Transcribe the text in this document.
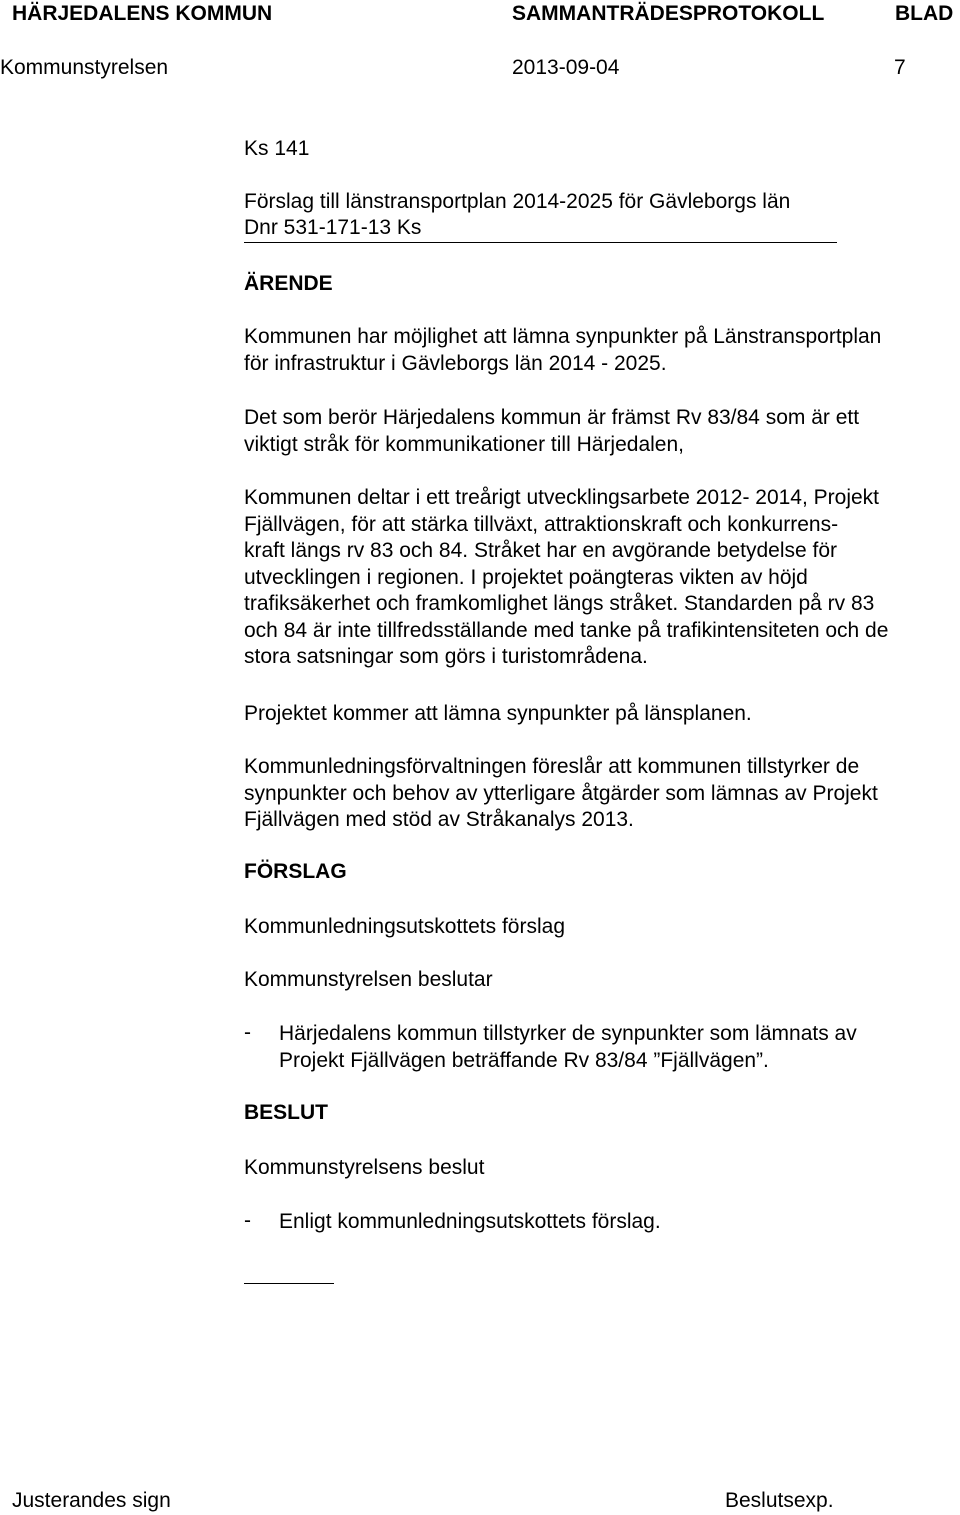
HÄRJEDALENS KOMMUN	SAMMANTRÄDESPROTOKOLL	BLAD
Kommunstyrelsen	2013-09-04	7
Ks 141
Förslag till länstransportplan 2014-2025 för Gävleborgs län
Dnr 531-171-13 Ks
ÄRENDE
Kommunen har möjlighet att lämna synpunkter på Länstransportplan
för infrastruktur i Gävleborgs län 2014 - 2025.
Det som berör Härjedalens kommun är främst Rv 83/84 som är ett
viktigt stråk för kommunikationer till Härjedalen,
Kommunen deltar i ett treårigt utvecklingsarbete 2012- 2014, Projekt
Fjällvägen, för att stärka tillväxt, attraktionskraft och konkurrens-
kraft längs rv 83 och 84. Stråket har en avgörande betydelse för
utvecklingen i regionen. I projektet poängteras vikten av höjd
trafiksäkerhet och framkomlighet längs stråket. Standarden på rv 83
och 84 är inte tillfredsställande med tanke på trafikintensiteten och de
stora satsningar som görs i turistområdena.
Projektet kommer att lämna synpunkter på länsplanen.
Kommunledningsförvaltningen föreslår att kommunen tillstyrker de
synpunkter och behov av ytterligare åtgärder som lämnas av Projekt
Fjällvägen med stöd av Stråkanalys 2013.
FÖRSLAG
Kommunledningsutskottets förslag
Kommunstyrelsen beslutar
- Härjedalens kommun tillstyrker de synpunkter som lämnats av
Projekt Fjällvägen beträffande Rv 83/84 ”Fjällvägen”.
BESLUT
Kommunstyrelsens beslut
- Enligt kommunledningsutskottets förslag.
Justerandes sign	Beslutsexp.
